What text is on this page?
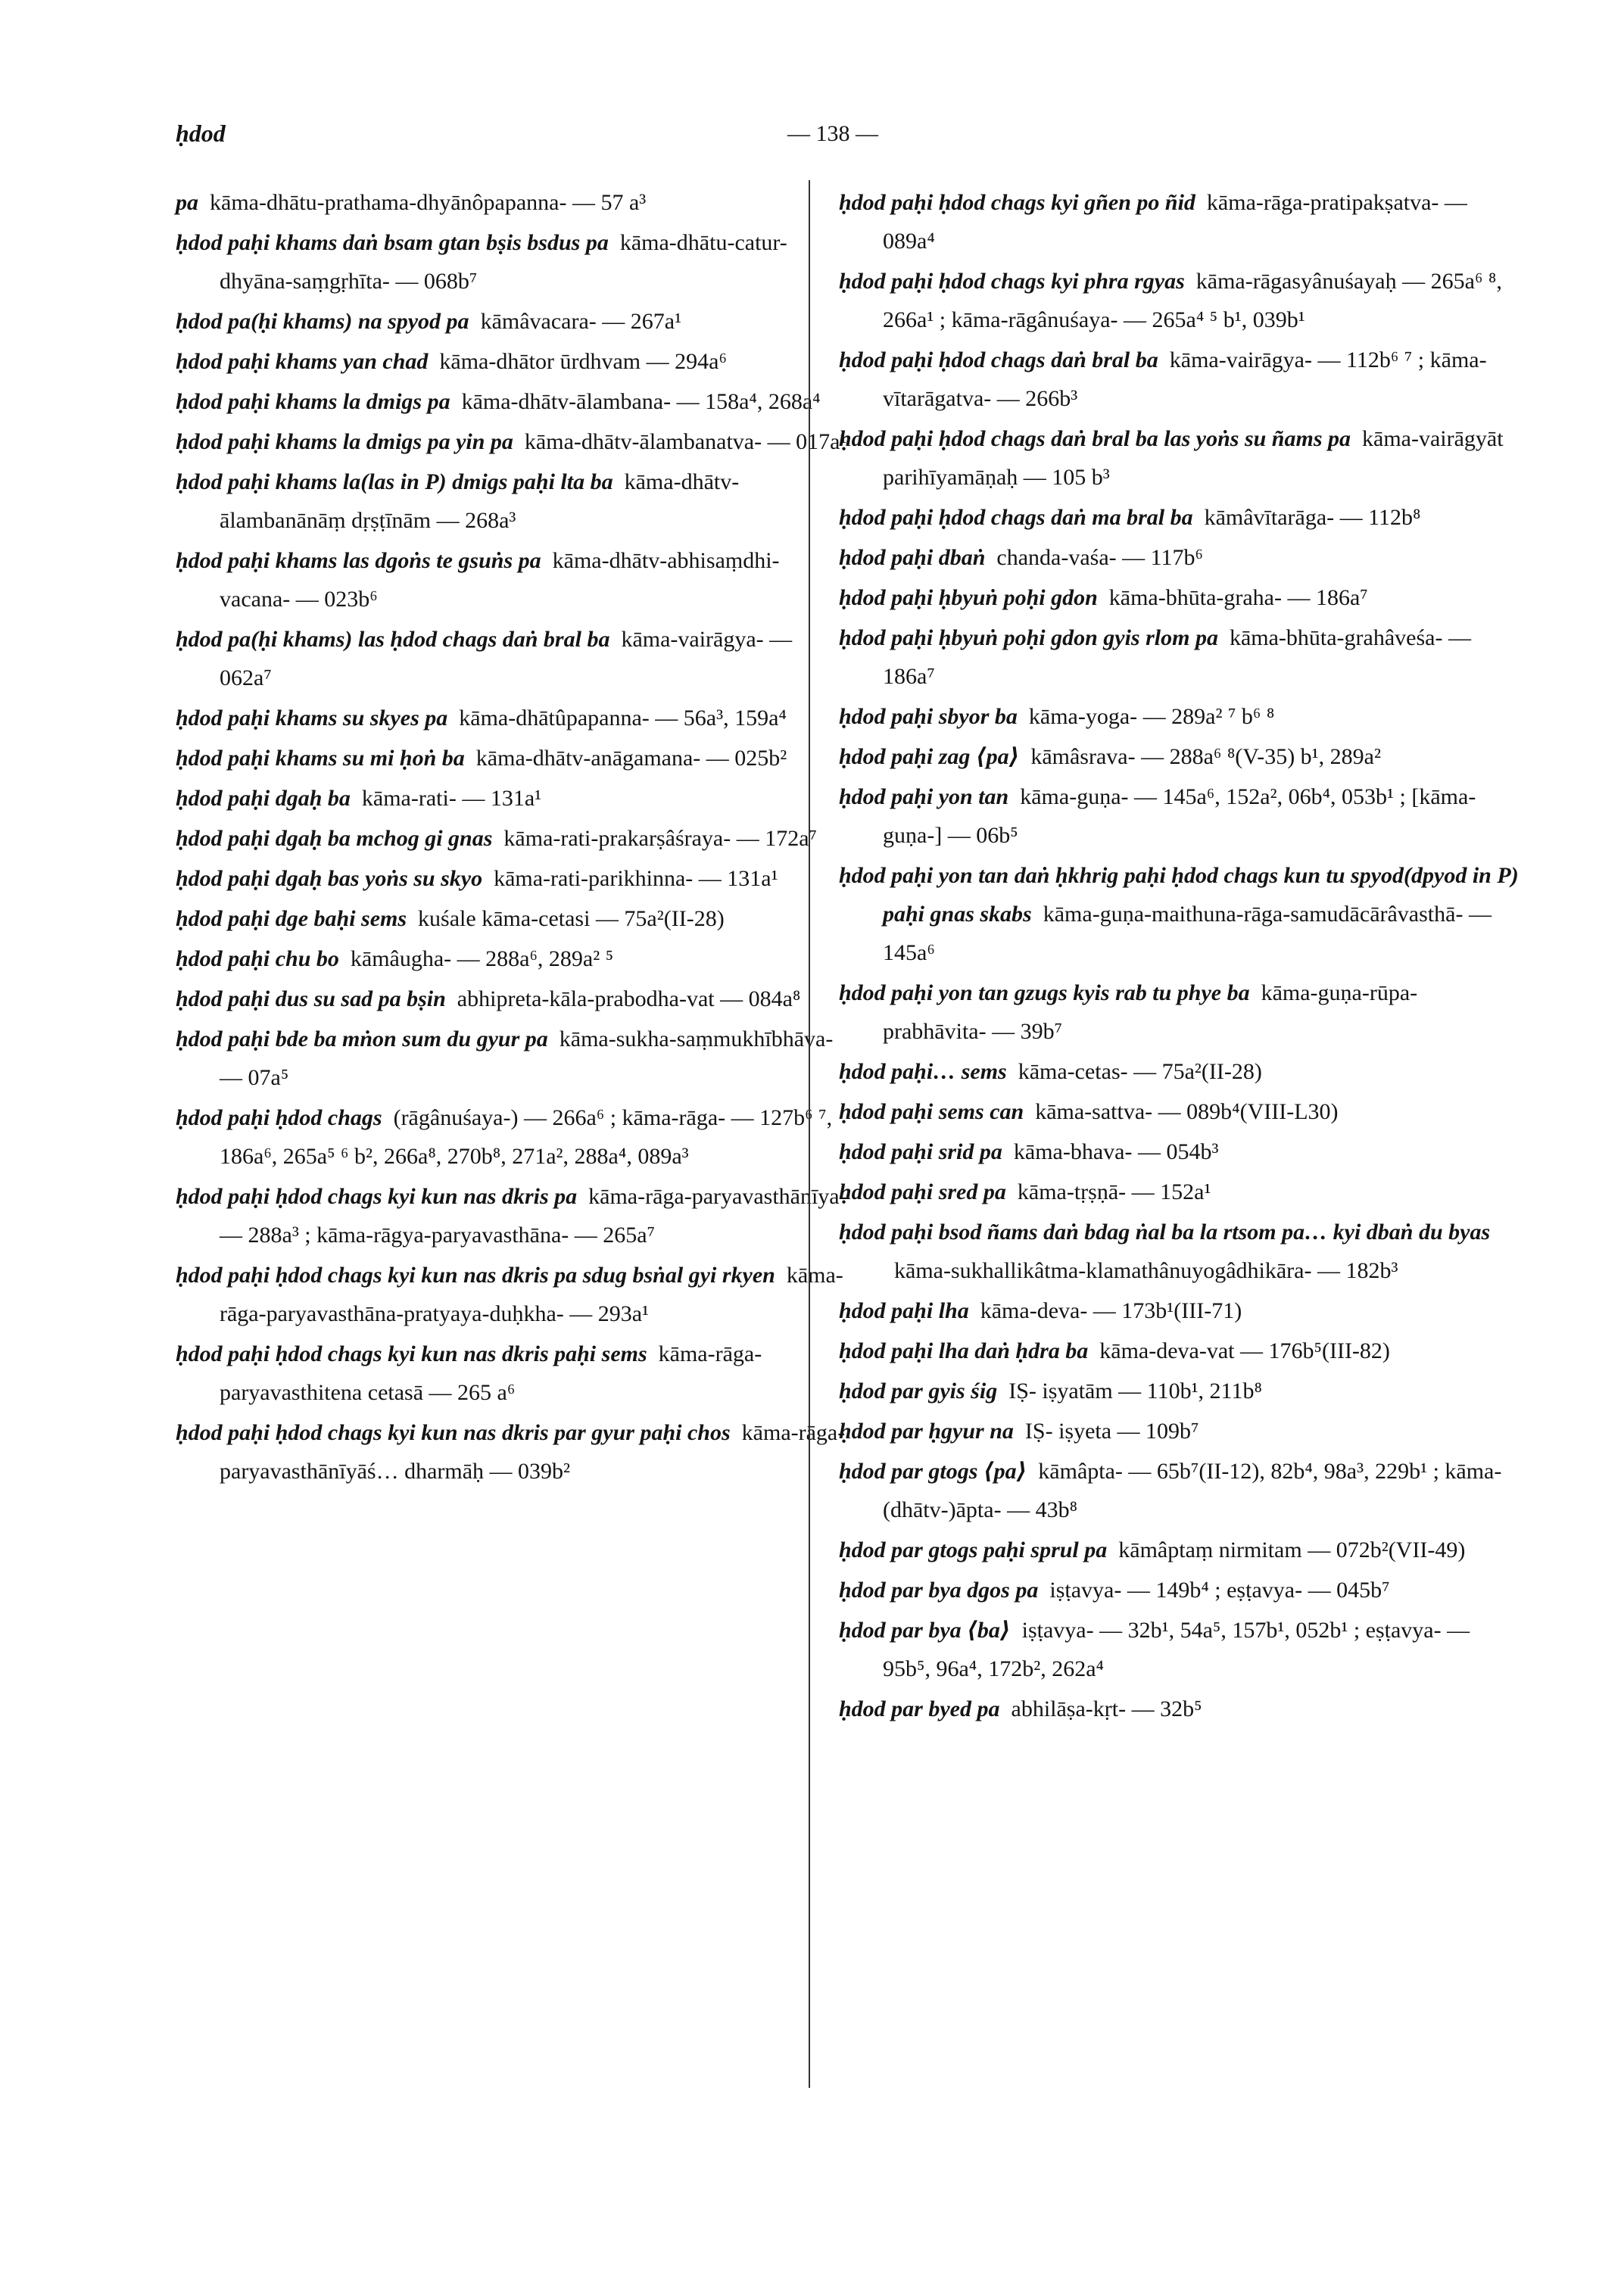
ḥdod	— 138 —

pa kāma-dhātu-prathama-dhyānôpapanna- — 57 a³

ḥdod paḥi khams daṅ bsam gtan bṣis bsdus pa kāma-dhātu-catur-dhyāna-saṃgṛhīta- — 068b⁷

ḥdod pa(ḥi khams) na spyod pa kāmâvacara- — 267a¹

ḥdod paḥi khams yan chad kāma-dhātor ūrdhvam — 294a⁶

ḥdod paḥi khams la dmigs pa kāma-dhātv-ālambana- — 158a⁴, 268a⁴

ḥdod paḥi khams la dmigs pa yin pa kāma-dhātv-ālambanatva- — 017a¹

ḥdod paḥi khams la(las in P) dmigs paḥi lta ba kāma-dhātv-ālambanānāṃ dṛṣṭīnām — 268a³

ḥdod paḥi khams las dgoṅs te gsuṅs pa kāma-dhātv-abhisaṃdhi-vacana- — 023b⁶

ḥdod pa(ḥi khams) las ḥdod chags daṅ bral ba kāma-vairāgya- — 062a⁷

ḥdod paḥi khams su skyes pa kāma-dhātûpapanna- — 56a³, 159a⁴

ḥdod paḥi khams su mi ḥoṅ ba kāma-dhātv-anāgamana- — 025b²

ḥdod paḥi dgaḥ ba kāma-rati- — 131a¹

ḥdod paḥi dgaḥ ba mchog gi gnas kāma-rati-prakarṣâśraya- — 172a⁷

ḥdod paḥi dgaḥ bas yoṅs su skyo kāma-rati-parikhinna- — 131a¹

ḥdod paḥi dge baḥi sems kuśale kāma-cetasi — 75a²(II-28)

ḥdod paḥi chu bo kāmâugha- — 288a⁶, 289a² ⁵

ḥdod paḥi dus su sad pa bṣin abhipreta-kāla-prabodha-vat — 084a⁸

ḥdod paḥi bde ba mṅon sum du gyur pa kāma-sukha-saṃmukhībhāva- — 07a⁵

ḥdod paḥi ḥdod chags (rāgânuśaya-) — 266a⁶ ; kāma-rāga- — 127b⁶ ⁷, 186a⁶, 265a⁵ ⁶ b², 266a⁸, 270b⁸, 271a², 288a⁴, 089a³

ḥdod paḥi ḥdod chags kyi kun nas dkris pa kāma-rāga-paryavasthānīya- — 288a³ ; kāma-rāgya-paryavasthāna- — 265a⁷

ḥdod paḥi ḥdod chags kyi kun nas dkris pa sdug bsṅal gyi rkyen kāma-rāga-paryavasthāna-pratyaya-duḥkha- — 293a¹

ḥdod paḥi ḥdod chags kyi kun nas dkris paḥi sems kāma-rāga-paryavasthitena cetasā — 265 a⁶

ḥdod paḥi ḥdod chags kyi kun nas dkris par gyur paḥi chos kāma-rāga-paryavasthānīyāś… dharmāḥ — 039b²

ḥdod paḥi ḥdod chags kyi gñen po ñid kāma-rāga-pratipakṣatva- — 089a⁴

ḥdod paḥi ḥdod chags kyi phra rgyas kāma-rāgasyânuśayaḥ — 265a⁶ ⁸, 266a¹ ; kāma-rāgânuśaya- — 265a⁴ ⁵ b¹, 039b¹

ḥdod paḥi ḥdod chags daṅ bral ba kāma-vairāgya- — 112b⁶ ⁷ ; kāma-vītarāgatva- — 266b³

ḥdod paḥi ḥdod chags daṅ bral ba las yoṅs su ñams pa kāma-vairāgyāt parihīyamāṇaḥ — 105 b³

ḥdod paḥi ḥdod chags daṅ ma bral ba kāmâvītarāga- — 112b⁸

ḥdod paḥi dbaṅ chanda-vaśa- — 117b⁶

ḥdod paḥi ḥbyuṅ poḥi gdon kāma-bhūta-graha- — 186a⁷

ḥdod paḥi ḥbyuṅ poḥi gdon gyis rlom pa kāma-bhūta-grahâveśa- — 186a⁷

ḥdod paḥi sbyor ba kāma-yoga- — 289a² ⁷ b⁶ ⁸

ḥdod paḥi zag ⟨pa⟩ kāmâsrava- — 288a⁶ ⁸(V-35) b¹, 289a²

ḥdod paḥi yon tan kāma-guṇa- — 145a⁶, 152a², 06b⁴, 053b¹ ; [kāma-guṇa-] — 06b⁵

ḥdod paḥi yon tan daṅ ḥkhrig paḥi ḥdod chags kun tu spyod(dpyod in P) paḥi gnas skabs kāma-guṇa-maithuna-rāga-samudācārâvasthā- — 145a⁶

ḥdod paḥi yon tan gzugs kyis rab tu phye ba kāma-guṇa-rūpa-prabhāvita- — 39b⁷

ḥdod paḥi… sems kāma-cetas- — 75a²(II-28)

ḥdod paḥi sems can kāma-sattva- — 089b⁴(VIII-L30)

ḥdod paḥi srid pa kāma-bhava- — 054b³

ḥdod paḥi sred pa kāma-tṛṣṇā- — 152a¹

ḥdod paḥi bsod ñams daṅ bdag ṅal ba la rtsom pa… kyi dbaṅ du byas  kāma-sukhallikâtma-klamathânuyogâdhikāra- — 182b³

ḥdod paḥi lha kāma-deva- — 173b¹(III-71)

ḥdod paḥi lha daṅ ḥdra ba kāma-deva-vat — 176b⁵(III-82)

ḥdod par gyis śig IṢ- iṣyatām — 110b¹, 211b⁸

ḥdod par ḥgyur na IṢ- iṣyeta — 109b⁷

ḥdod par gtogs ⟨pa⟩ kāmâpta- — 65b⁷(II-12), 82b⁴, 98a³, 229b¹ ; kāma-(dhātv-)āpta- — 43b⁸

ḥdod par gtogs paḥi sprul pa kāmâptaṃ nirmitam — 072b²(VII-49)

ḥdod par bya dgos pa iṣṭavya- — 149b⁴ ; eṣṭavya- — 045b⁷

ḥdod par bya ⟨ba⟩ iṣṭavya- — 32b¹, 54a⁵, 157b¹, 052b¹ ; eṣṭavya- — 95b⁵, 96a⁴, 172b², 262a⁴

ḥdod par byed pa abhilāṣa-kṛt- — 32b⁵
